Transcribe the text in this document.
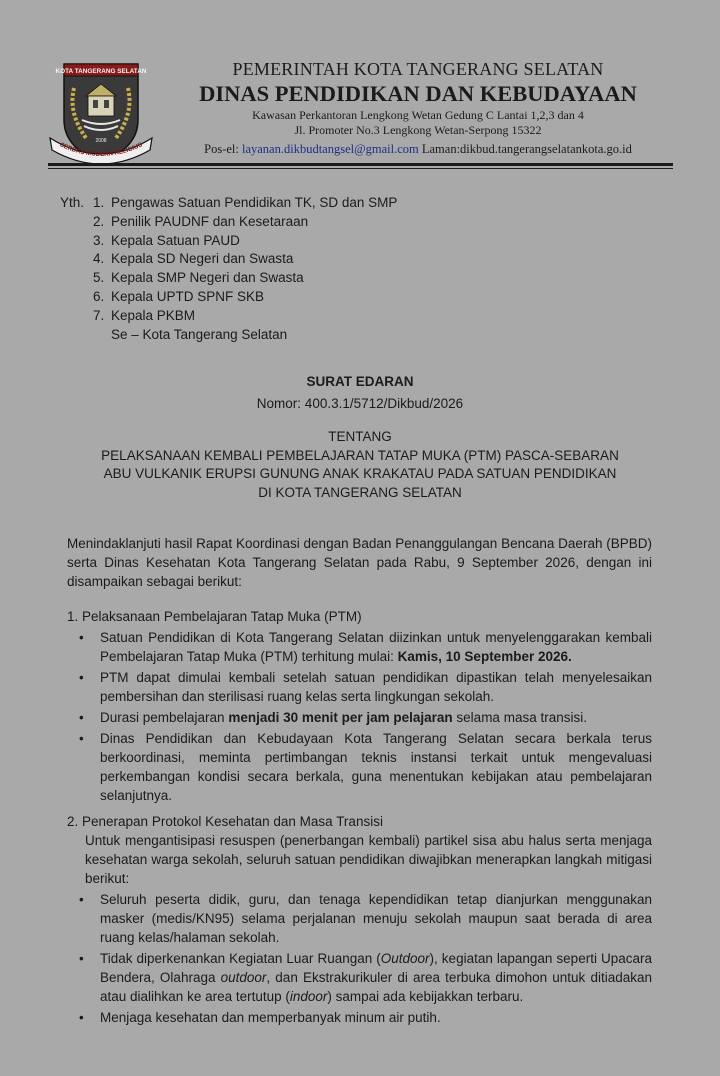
KOTA TANGERANG SELATAN
2008
CERDAS MODERN RELIGIUS
PEMERINTAH KOTA TANGERANG SELATAN
DINAS PENDIDIKAN DAN KEBUDAYAAN
Kawasan Perkantoran Lengkong Wetan Gedung C Lantai 1,2,3 dan 4
Jl. Promoter No.3 Lengkong Wetan-Serpong 15322
Pos-el: layanan.dikbudtangsel@gmail.com Laman:dikbud.tangerangselatankota.go.id
Yth. 1. Pengawas Satuan Pendidikan TK, SD dan SMP
2. Penilik PAUDNF dan Kesetaraan
3. Kepala Satuan PAUD
4. Kepala SD Negeri dan Swasta
5. Kepala SMP Negeri dan Swasta
6. Kepala UPTD SPNF SKB
7. Kepala PKBM
Se – Kota Tangerang Selatan
SURAT EDARAN
Nomor: 400.3.1/5712/Dikbud/2026
TENTANG
PELAKSANAAN KEMBALI PEMBELAJARAN TATAP MUKA (PTM) PASCA-SEBARAN
ABU VULKANIK ERUPSI GUNUNG ANAK KRAKATAU PADA SATUAN PENDIDIKAN
DI KOTA TANGERANG SELATAN
Menindaklanjuti hasil Rapat Koordinasi dengan Badan Penanggulangan Bencana Daerah (BPBD) serta Dinas Kesehatan Kota Tangerang Selatan pada Rabu, 9 September 2026, dengan ini disampaikan sebagai berikut:
1. Pelaksanaan Pembelajaran Tatap Muka (PTM)
• Satuan Pendidikan di Kota Tangerang Selatan diizinkan untuk menyelenggarakan kembali Pembelajaran Tatap Muka (PTM) terhitung mulai: Kamis, 10 September 2026.
• PTM dapat dimulai kembali setelah satuan pendidikan dipastikan telah menyelesaikan pembersihan dan sterilisasi ruang kelas serta lingkungan sekolah.
• Durasi pembelajaran menjadi 30 menit per jam pelajaran selama masa transisi.
• Dinas Pendidikan dan Kebudayaan Kota Tangerang Selatan secara berkala terus berkoordinasi, meminta pertimbangan teknis instansi terkait untuk mengevaluasi perkembangan kondisi secara berkala, guna menentukan kebijakan atau pembelajaran selanjutnya.
2. Penerapan Protokol Kesehatan dan Masa Transisi
Untuk mengantisipasi resuspen (penerbangan kembali) partikel sisa abu halus serta menjaga kesehatan warga sekolah, seluruh satuan pendidikan diwajibkan menerapkan langkah mitigasi berikut:
• Seluruh peserta didik, guru, dan tenaga kependidikan tetap dianjurkan menggunakan masker (medis/KN95) selama perjalanan menuju sekolah maupun saat berada di area ruang kelas/halaman sekolah.
• Tidak diperkenankan Kegiatan Luar Ruangan (Outdoor), kegiatan lapangan seperti Upacara Bendera, Olahraga outdoor, dan Ekstrakurikuler di area terbuka dimohon untuk ditiadakan atau dialihkan ke area tertutup (indoor) sampai ada kebijakkan terbaru.
• Menjaga kesehatan dan memperbanyak minum air putih.
